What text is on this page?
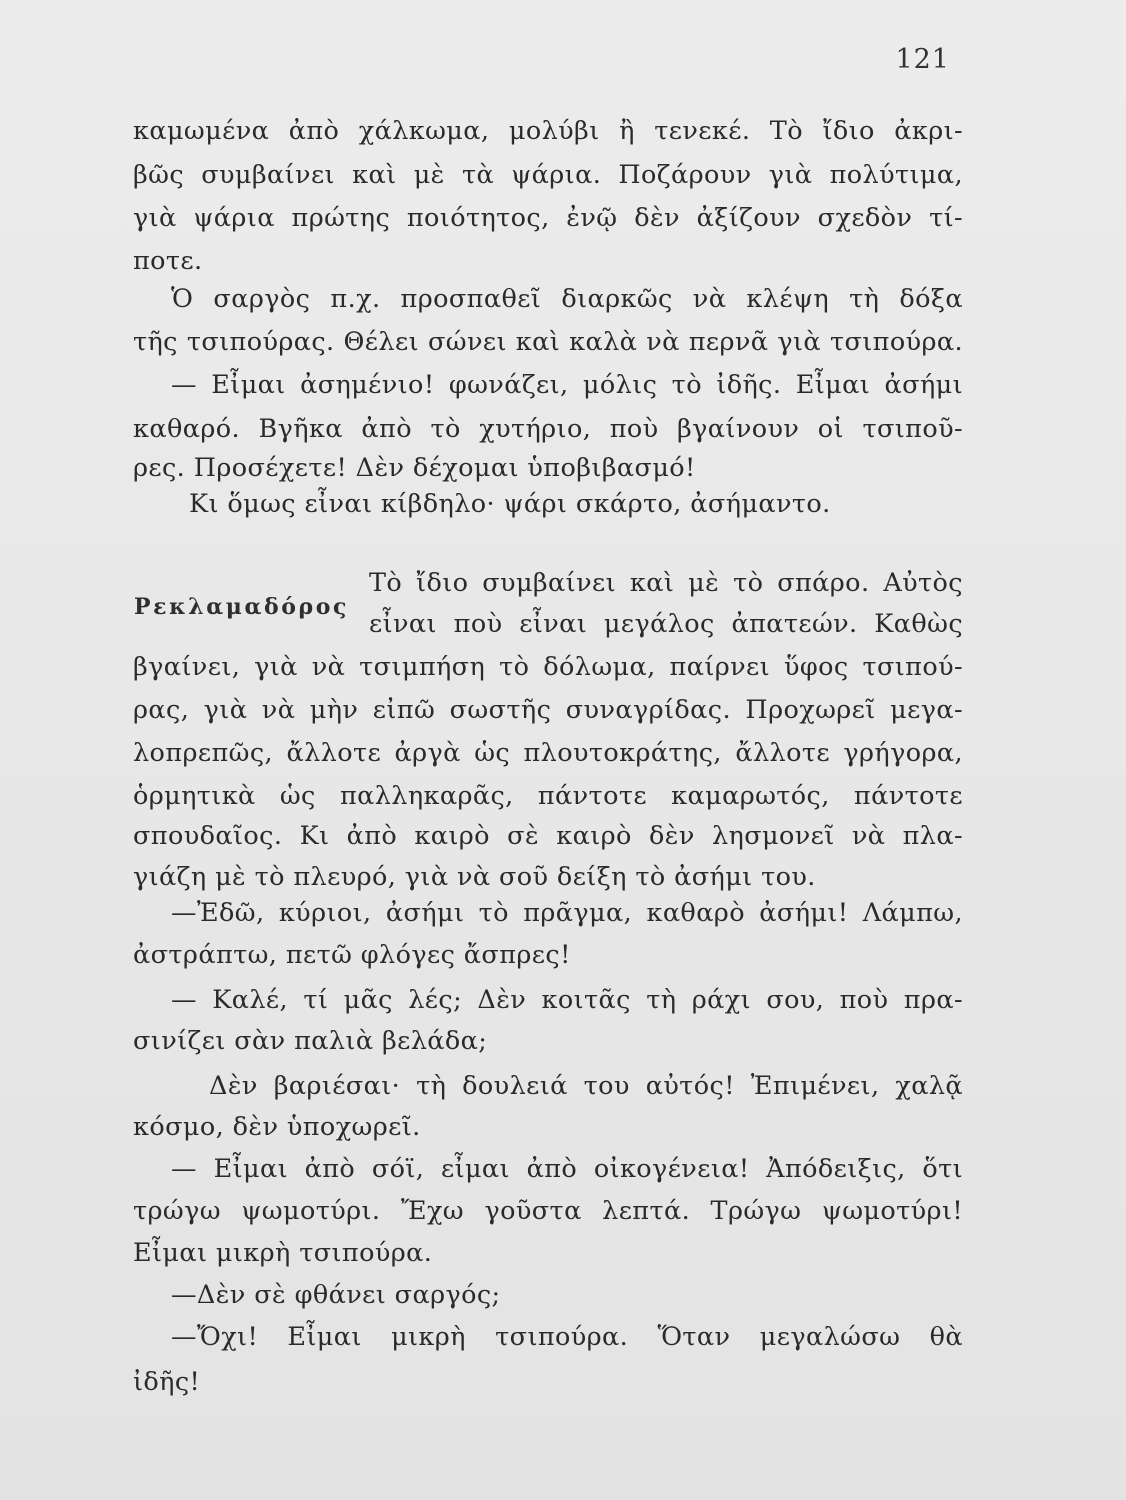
121
Ρεκλαμαδόρος
καμωμένα ἀπὸ χάλκωμα, μολύβι ἢ τενεκέ. Τὸ ἴδιο ἀκρι-
βῶς συμβαίνει καὶ μὲ τὰ ψάρια. Ποζάρουν γιὰ πολύτιμα,
γιὰ ψάρια πρώτης ποιότητος, ἐνῷ δὲν ἀξίζουν σχεδὸν τί-
ποτε.
Ὁ σαργὸς π.χ. προσπαθεῖ διαρκῶς νὰ κλέψη τὴ δόξα
τῆς τσιπούρας. Θέλει σώνει καὶ καλὰ νὰ περνᾶ γιὰ τσιπούρα.
— Εἶμαι ἀσημένιο! φωνάζει, μόλις τὸ ἰδῆς. Εἶμαι ἀσήμι
καθαρό. Βγῆκα ἀπὸ τὸ χυτήριο, ποὺ βγαίνουν οἱ τσιποῦ-
ρες. Προσέχετε! Δὲν δέχομαι ὑποβιβασμό!
Κι ὅμως εἶναι κίβδηλο· ψάρι σκάρτο, ἀσήμαντο.
Τὸ ἴδιο συμβαίνει καὶ μὲ τὸ σπάρο. Αὐτὸς
εἶναι ποὺ εἶναι μεγάλος ἀπατεών. Καθὼς
βγαίνει, γιὰ νὰ τσιμπήση τὸ δόλωμα, παίρνει ὕφος τσιπού-
ρας, γιὰ νὰ μὴν εἰπῶ σωστῆς συναγρίδας. Προχωρεῖ μεγα-
λοπρεπῶς, ἄλλοτε ἀργὰ ὡς πλουτοκράτης, ἄλλοτε γρήγορα,
ὁρμητικὰ ὡς παλληκαρᾶς, πάντοτε καμαρωτός, πάντοτε
σπουδαῖος. Κι ἀπὸ καιρὸ σὲ καιρὸ δὲν λησμονεῖ νὰ πλα-
γιάζη μὲ τὸ πλευρό, γιὰ νὰ σοῦ δείξη τὸ ἀσήμι του.
—Ἐδῶ, κύριοι, ἀσήμι τὸ πρᾶγμα, καθαρὸ ἀσήμι! Λάμπω,
ἀστράπτω, πετῶ φλόγες ἄσπρες!
— Καλέ, τί μᾶς λές; Δὲν κοιτᾶς τὴ ράχι σου, ποὺ πρα-
σινίζει σὰν παλιὰ βελάδα;
Δὲν βαριέσαι· τὴ δουλειά του αὐτός! Ἐπιμένει, χαλᾷ
κόσμο, δὲν ὑποχωρεῖ.
— Εἶμαι ἀπὸ σόϊ, εἶμαι ἀπὸ οἰκογένεια! Ἀπόδειξις, ὅτι
τρώγω ψωμοτύρι. Ἔχω γοῦστα λεπτά. Τρώγω ψωμοτύρι!
Εἶμαι μικρὴ τσιπούρα.
—Δὲν σὲ φθάνει σαργός;
—Ὄχι! Εἶμαι μικρὴ τσιπούρα. Ὅταν μεγαλώσω θὰ
ἰδῆς!
